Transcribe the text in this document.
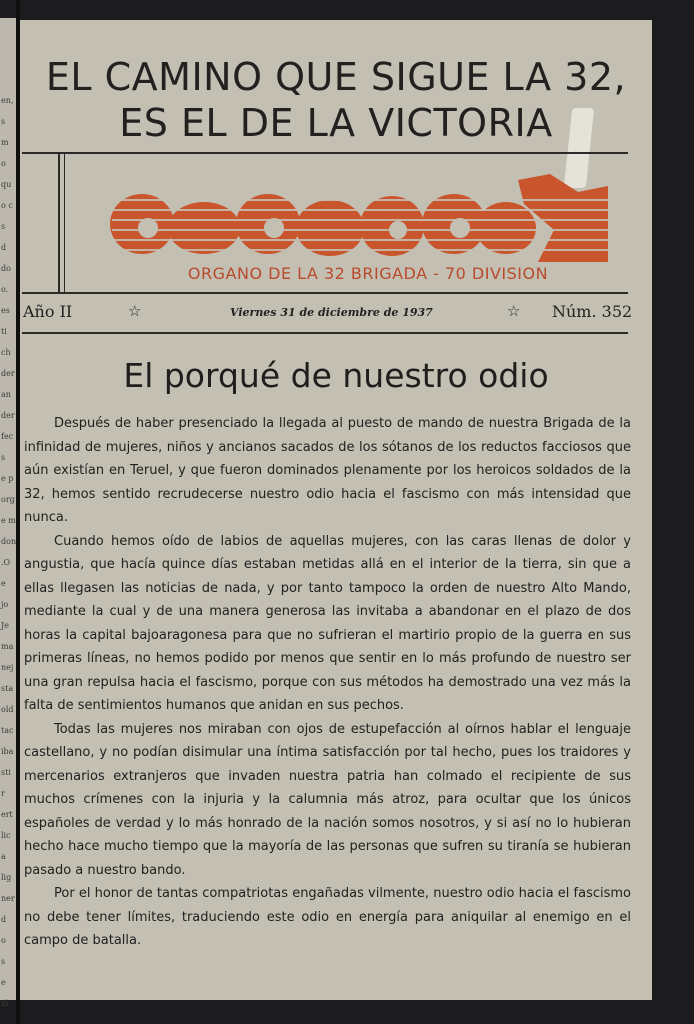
en,
s
m
o
qu
o c
s
d
do
o.
es
ti
ch
der
an
der
fec
s
e p
org
e m
don
.O
e
jo
Je
ma
nej
sta
old
tac
iba
sti
r
ert
lic
a
lig
ner
d
o
s
e
iñ
EL CAMINO QUE SIGUE LA 32,
ES EL DE LA VICTORIA
avance
ORGANO DE LA 32 BRIGADA - 70 DIVISION
Año II	☆	Viernes 31 de diciembre de 1937	☆ Núm. 352
El porqué de nuestro odio

Después de haber presenciado la llegada al puesto de mando de nuestra Brigada de la infinidad de mujeres, niños y ancianos sacados de los sótanos de los reductos facciosos que aún existían en Teruel, y que fueron dominados plenamente por los heroicos soldados de la 32, hemos sentido recrudecerse nuestro odio hacia el fascismo con más intensidad que nunca.

Cuando hemos oído de labios de aquellas mujeres, con las caras llenas de dolor y angustia, que hacía quince días estaban metidas allá en el interior de la tierra, sin que a ellas llegasen las noticias de nada, y por tanto tampoco la orden de nuestro Alto Mando, mediante la cual y de una manera generosa las invitaba a abandonar en el plazo de dos horas la capital bajoaragonesa para que no sufrieran el martirio propio de la guerra en sus primeras líneas, no hemos podido por menos que sentir en lo más profundo de nuestro ser una gran repulsa hacia el fascismo, porque con sus métodos ha demostrado una vez más la falta de sentimientos humanos que anidan en sus pechos.

Todas las mujeres nos miraban con ojos de estupefacción al oírnos hablar el lenguaje castellano, y no podían disimular una íntima satisfacción por tal hecho, pues los traidores y mercenarios extranjeros que invaden nuestra patria han colmado el recipiente de sus muchos crímenes con la injuria y la calumnia más atroz, para ocultar que los únicos españoles de verdad y lo más honrado de la nación somos nosotros, y si así no lo hubieran hecho hace mucho tiempo que la mayoría de las personas que sufren su tiranía se hubieran pasado a nuestro bando.

Por el honor de tantas compatriotas engañadas vilmente, nuestro odio hacia el fascismo no debe tener límites, traduciendo este odio en energía para aniquilar al enemigo en el campo de batalla.
